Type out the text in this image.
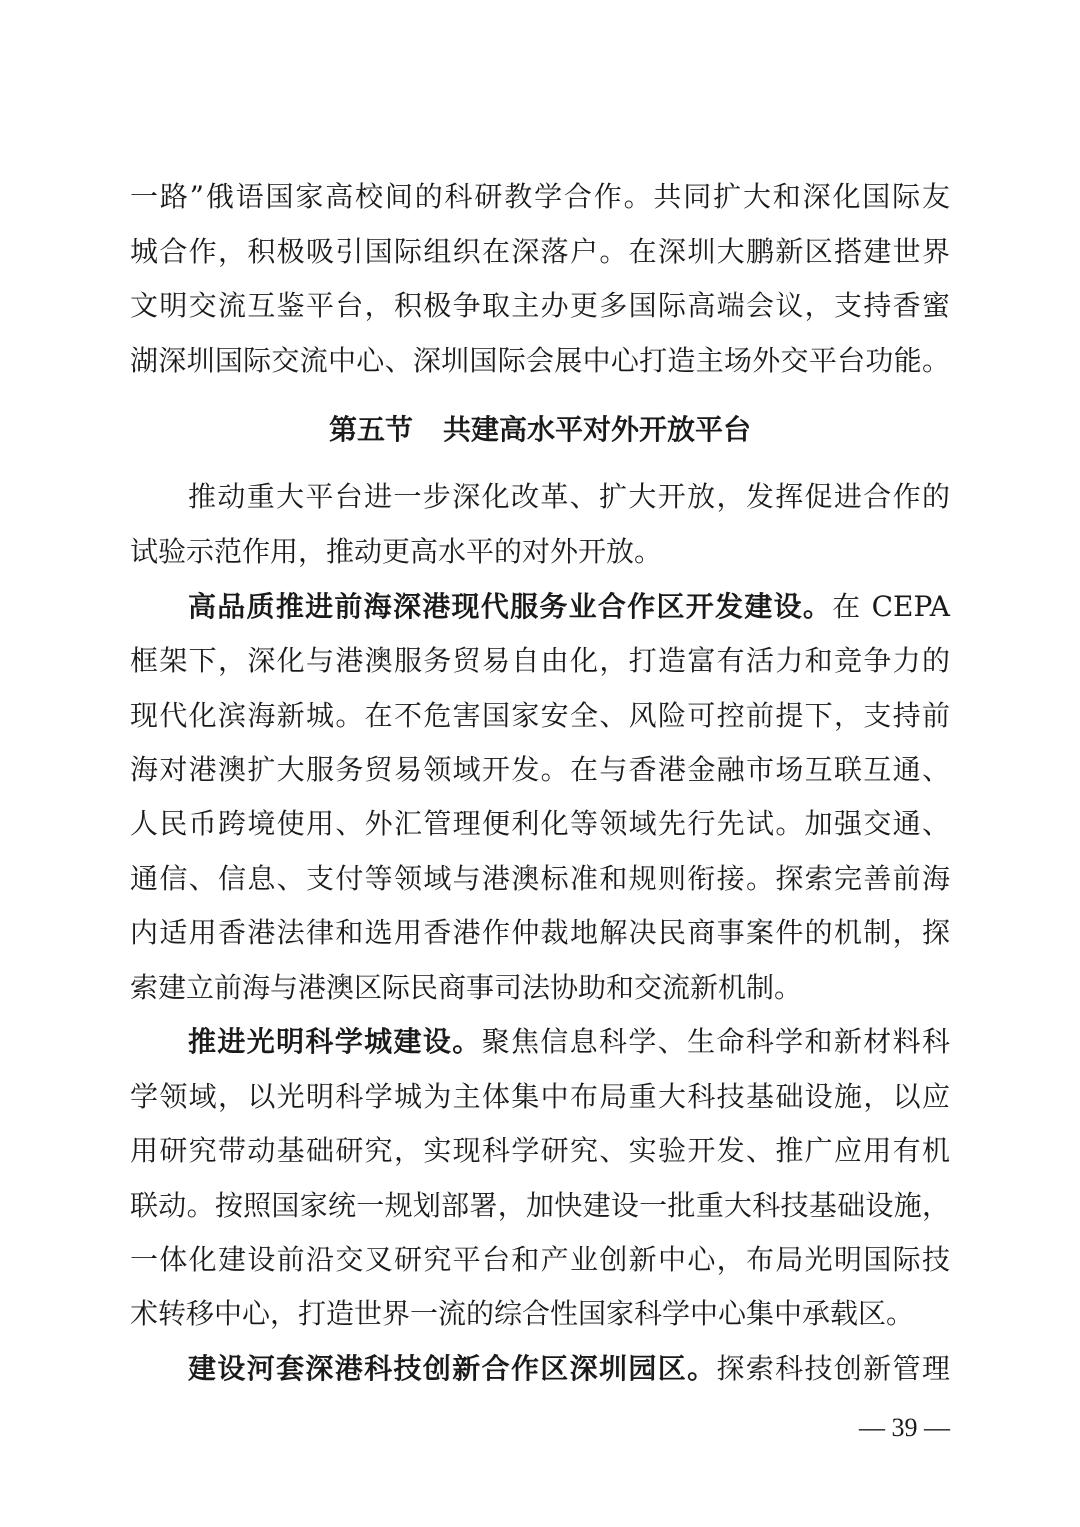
一路”俄语国家高校间的科研教学合作。共同扩大和深化国际友
城合作，积极吸引国际组织在深落户。在深圳大鹏新区搭建世界
文明交流互鉴平台，积极争取主办更多国际高端会议，支持香蜜
湖深圳国际交流中心、深圳国际会展中心打造主场外交平台功能。
第五节 共建高水平对外开放平台
推动重大平台进一步深化改革、扩大开放，发挥促进合作的
试验示范作用，推动更高水平的对外开放。
高品质推进前海深港现代服务业合作区开发建设。在 CEPA
框架下，深化与港澳服务贸易自由化，打造富有活力和竞争力的
现代化滨海新城。在不危害国家安全、风险可控前提下，支持前
海对港澳扩大服务贸易领域开发。在与香港金融市场互联互通、
人民币跨境使用、外汇管理便利化等领域先行先试。加强交通、
通信、信息、支付等领域与港澳标准和规则衔接。探索完善前海
内适用香港法律和选用香港作仲裁地解决民商事案件的机制，探
索建立前海与港澳区际民商事司法协助和交流新机制。
推进光明科学城建设。聚焦信息科学、生命科学和新材料科
学领域，以光明科学城为主体集中布局重大科技基础设施，以应
用研究带动基础研究，实现科学研究、实验开发、推广应用有机
联动。按照国家统一规划部署，加快建设一批重大科技基础设施，
一体化建设前沿交叉研究平台和产业创新中心，布局光明国际技
术转移中心，打造世界一流的综合性国家科学中心集中承载区。
建设河套深港科技创新合作区深圳园区。探索科技创新管理
— 39 —
